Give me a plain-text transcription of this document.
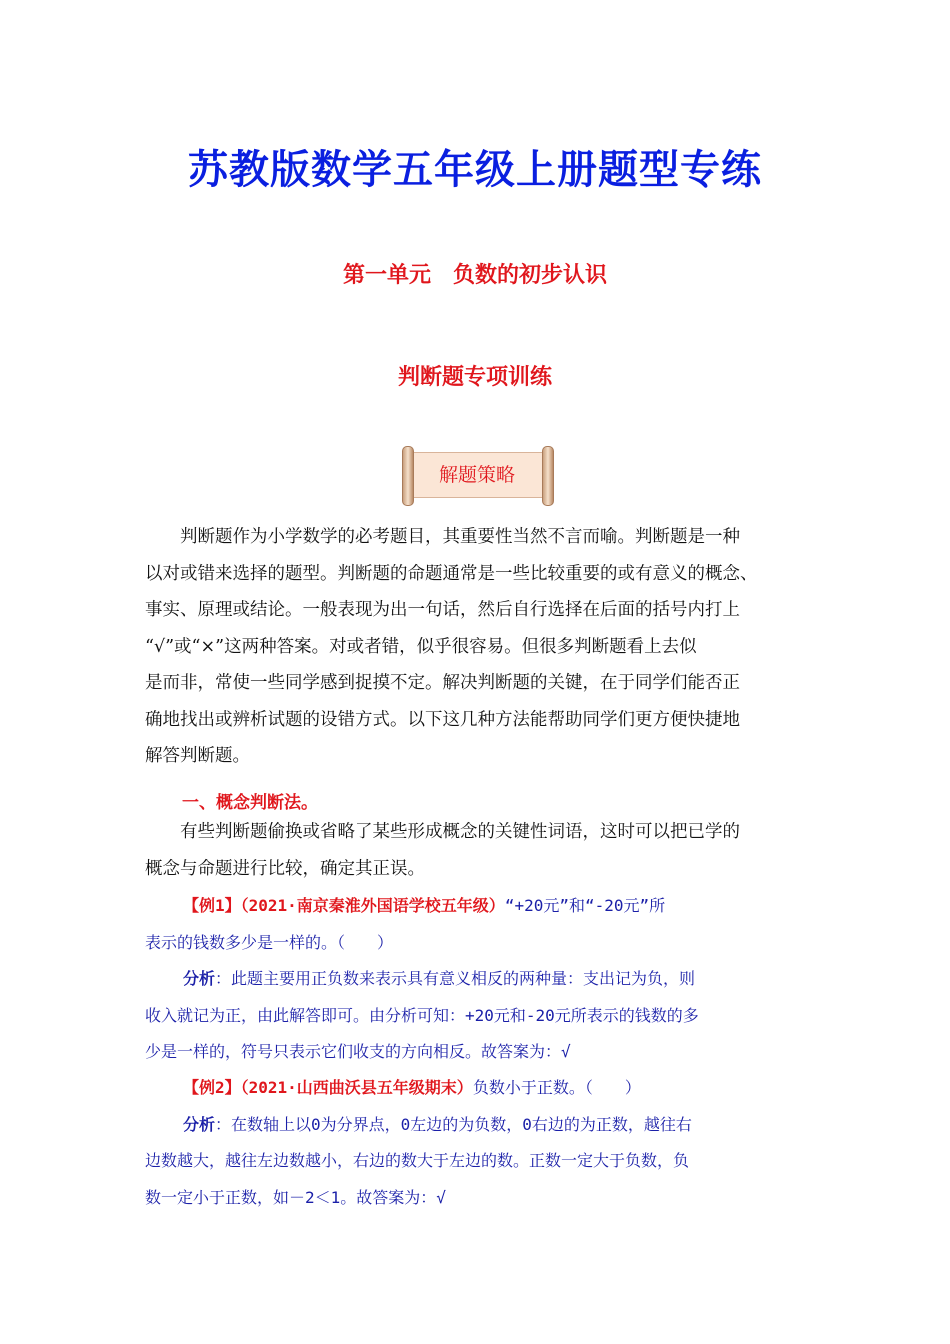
苏教版数学五年级上册题型专练
第一单元　负数的初步认识
判断题专项训练
解题策略

判断题作为小学数学的必考题目，其重要性当然不言而喻。判断题是一种

以对或错来选择的题型。判断题的命题通常是一些比较重要的或有意义的概念、

事实、原理或结论。一般表现为出一句话，然后自行选择在后面的括号内打上

“√”或“×”这两种答案。对或者错，似乎很容易。但很多判断题看上去似

是而非，常使一些同学感到捉摸不定。解决判断题的关键，在于同学们能否正

确地找出或辨析试题的设错方式。以下这几种方法能帮助同学们更方便快捷地

解答判断题。

一、概念判断法。

有些判断题偷换或省略了某些形成概念的关键性词语，这时可以把已学的

概念与命题进行比较，确定其正误。

【例1】（2021·南京秦淮外国语学校五年级）“+20元”和“-20元”所

表示的钱数多少是一样的。（　　）

分析：此题主要用正负数来表示具有意义相反的两种量：支出记为负，则

收入就记为正，由此解答即可。由分析可知：+20元和-20元所表示的钱数的多

少是一样的，符号只表示它们收支的方向相反。故答案为：√

【例2】（2021·山西曲沃县五年级期末）负数小于正数。（　　）

分析：在数轴上以0为分界点，0左边的为负数，0右边的为正数，越往右

边数越大，越往左边数越小，右边的数大于左边的数。正数一定大于负数，负

数一定小于正数，如－2＜1。故答案为：√
